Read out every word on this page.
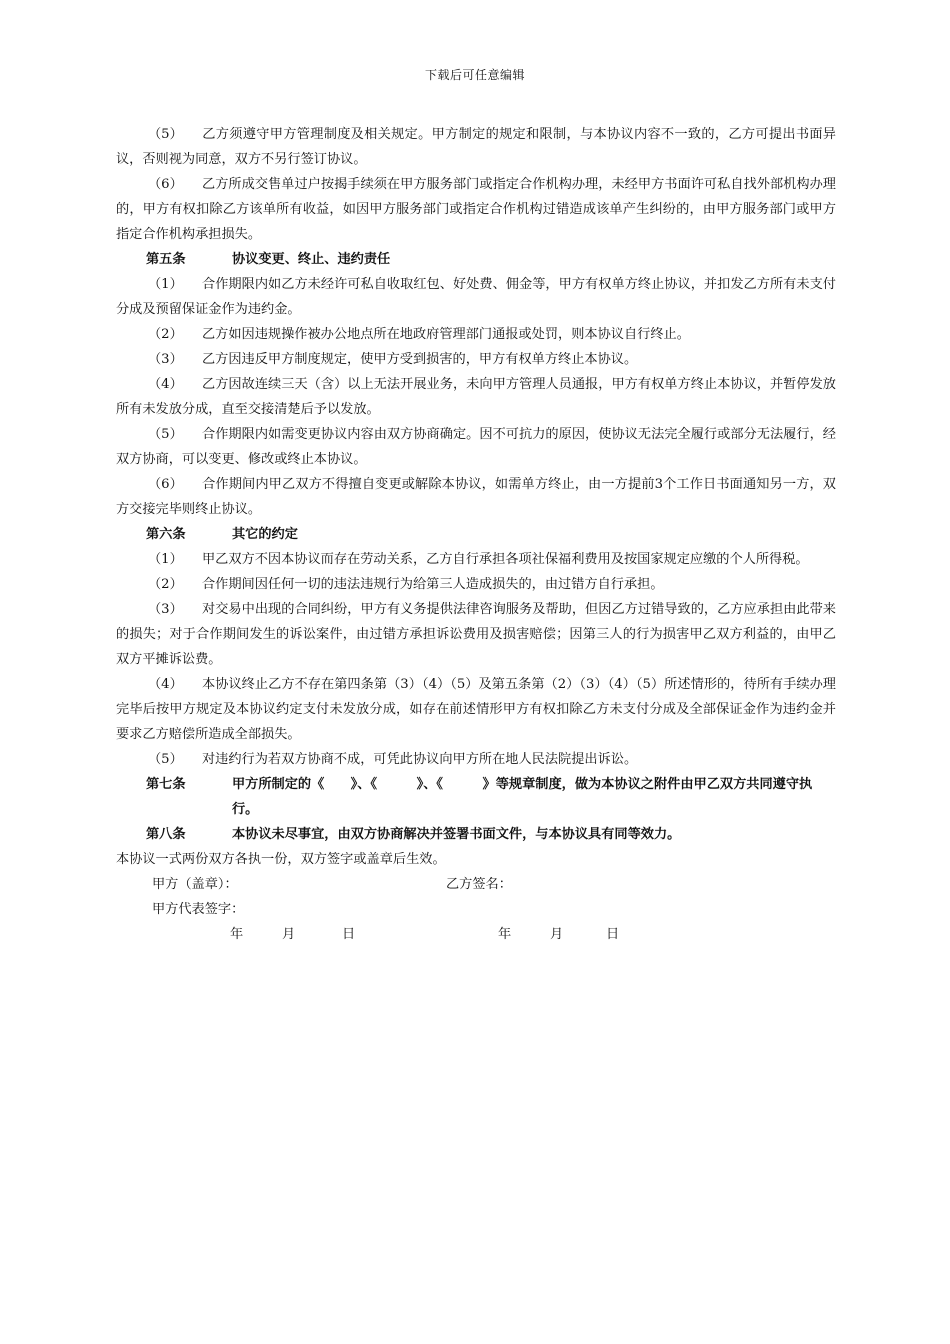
下载后可任意编辑
（5） 乙方须遵守甲方管理制度及相关规定。甲方制定的规定和限制，与本协议内容不一致的，乙方可提出书面异议，否则视为同意，双方不另行签订协议。
（6） 乙方所成交售单过户按揭手续须在甲方服务部门或指定合作机构办理，未经甲方书面许可私自找外部机构办理的，甲方有权扣除乙方该单所有收益，如因甲方服务部门或指定合作机构过错造成该单产生纠纷的，由甲方服务部门或甲方指定合作机构承担损失。
第五条	协议变更、终止、违约责任
（1） 合作期限内如乙方未经许可私自收取红包、好处费、佣金等，甲方有权单方终止协议，并扣发乙方所有未支付分成及预留保证金作为违约金。
（2） 乙方如因违规操作被办公地点所在地政府管理部门通报或处罚，则本协议自行终止。
（3） 乙方因违反甲方制度规定，使甲方受到损害的，甲方有权单方终止本协议。
（4） 乙方因故连续三天（含）以上无法开展业务，未向甲方管理人员通报，甲方有权单方终止本协议，并暂停发放所有未发放分成，直至交接清楚后予以发放。
（5） 合作期限内如需变更协议内容由双方协商确定。因不可抗力的原因，使协议无法完全履行或部分无法履行，经双方协商，可以变更、修改或终止本协议。
（6） 合作期间内甲乙双方不得擅自变更或解除本协议，如需单方终止，由一方提前3个工作日书面通知另一方，双方交接完毕则终止协议。
第六条	其它的约定
（1） 甲乙双方不因本协议而存在劳动关系，乙方自行承担各项社保福利费用及按国家规定应缴的个人所得税。
（2） 合作期间因任何一切的违法违规行为给第三人造成损失的，由过错方自行承担。
（3） 对交易中出现的合同纠纷，甲方有义务提供法律咨询服务及帮助，但因乙方过错导致的，乙方应承担由此带来的损失；对于合作期间发生的诉讼案件，由过错方承担诉讼费用及损害赔偿；因第三人的行为损害甲乙双方利益的，由甲乙双方平摊诉讼费。
（4） 本协议终止乙方不存在第四条第（3）（4）（5）及第五条第（2）（3）（4）（5）所述情形的，待所有手续办理完毕后按甲方规定及本协议约定支付未发放分成，如存在前述情形甲方有权扣除乙方未支付分成及全部保证金作为违约金并要求乙方赔偿所造成全部损失。
（5） 对违约行为若双方协商不成，可凭此协议向甲方所在地人民法院提出诉讼。
第七条	甲方所制定的《　　》、《　　　》、《　　　》等规章制度，做为本协议之附件由甲乙双方共同遵守执行。
第八条	本协议未尽事宜，由双方协商解决并签署书面文件，与本协议具有同等效力。
本协议一式两份双方各执一份，双方签字或盖章后生效。
甲方（盖章）：	乙方签名：
甲方代表签字：
年	月	日	年	月	日
